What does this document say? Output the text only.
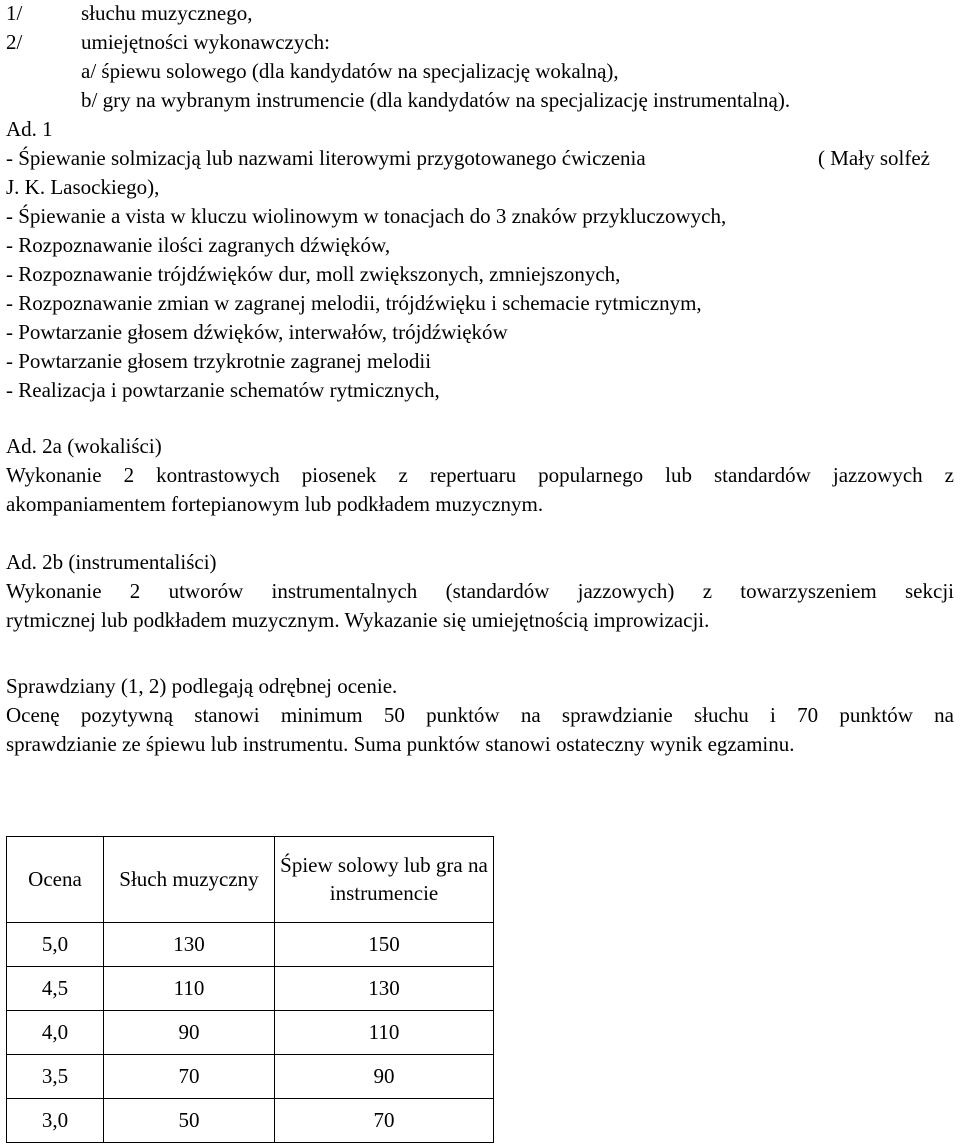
1/	słuchu muzycznego,
2/	umiejętności wykonawczych:
a/ śpiewu solowego (dla kandydatów na specjalizację wokalną),
b/ gry na wybranym instrumencie (dla kandydatów na specjalizację instrumentalną).
Ad. 1
- Śpiewanie solmizacją lub nazwami literowymi przygotowanego ćwiczenia	( Mały solfeż
J. K. Lasockiego),
- Śpiewanie a vista w kluczu wiolinowym w tonacjach do 3 znaków przykluczowych,
- Rozpoznawanie ilości zagranych dźwięków,
- Rozpoznawanie trójdźwięków dur, moll zwiększonych, zmniejszonych,
- Rozpoznawanie zmian w zagranej melodii, trójdźwięku i schemacie rytmicznym,
- Powtarzanie głosem dźwięków, interwałów, trójdźwięków
- Powtarzanie głosem trzykrotnie zagranej melodii
- Realizacja i powtarzanie schematów rytmicznych,
Ad. 2a (wokaliści)
Wykonanie 2 kontrastowych piosenek z repertuaru popularnego lub standardów jazzowych z
akompaniamentem fortepianowym lub podkładem muzycznym.
Ad. 2b (instrumentaliści)
Wykonanie 2 utworów instrumentalnych (standardów jazzowych) z towarzyszeniem sekcji
rytmicznej lub podkładem muzycznym. Wykazanie się umiejętnością improwizacji.
Sprawdziany (1, 2) podlegają odrębnej ocenie.
Ocenę pozytywną stanowi minimum 50 punktów na sprawdzianie słuchu i 70 punktów na
sprawdzianie ze śpiewu lub instrumentu. Suma punktów stanowi ostateczny wynik egzaminu.
Ocena	Słuch muzyczny	Śpiew solowy lub gra na instrumencie
5,0	130	150
4,5	110	130
4,0	90	110
3,5	70	90
3,0	50	70
